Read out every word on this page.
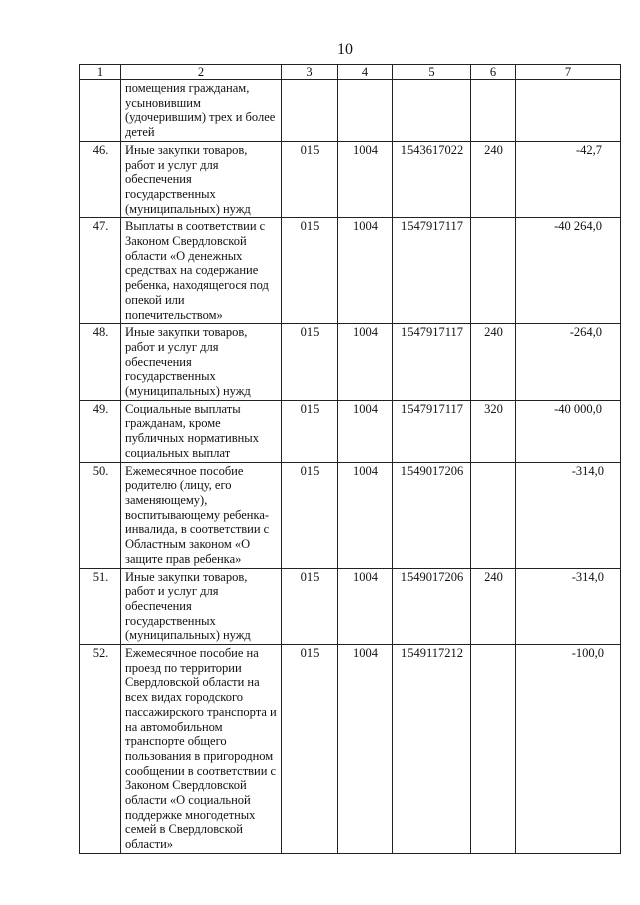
10
1	2	3	4	5	6	7
	помещения гражданам, усыновившим (удочерившим) трех и более детей					
46.	Иные закупки товаров, работ и услуг для обеспечения государственных (муниципальных) нужд	015	1004	1543617022	240	-42,7
47.	Выплаты в соответствии с Законом Свердловской области «О денежных средствах на содержание ребенка, находящегося под опекой или попечительством»	015	1004	1547917117		-40 264,0
48.	Иные закупки товаров, работ и услуг для обеспечения государственных (муниципальных) нужд	015	1004	1547917117	240	-264,0
49.	Социальные выплаты гражданам, кроме публичных нормативных социальных выплат	015	1004	1547917117	320	-40 000,0
50.	Ежемесячное пособие родителю (лицу, его заменяющему), воспитывающему ребенка-инвалида, в соответствии с Областным законом «О защите прав ребенка»	015	1004	1549017206		-314,0
51.	Иные закупки товаров, работ и услуг для обеспечения государственных (муниципальных) нужд	015	1004	1549017206	240	-314,0
52.	Ежемесячное пособие на проезд по территории Свердловской области на всех видах городского пассажирского транспорта и на автомобильном транспорте общего пользования в пригородном сообщении в соответствии с Законом Свердловской области «О социальной поддержке многодетных семей в Свердловской области»	015	1004	1549117212		-100,0
